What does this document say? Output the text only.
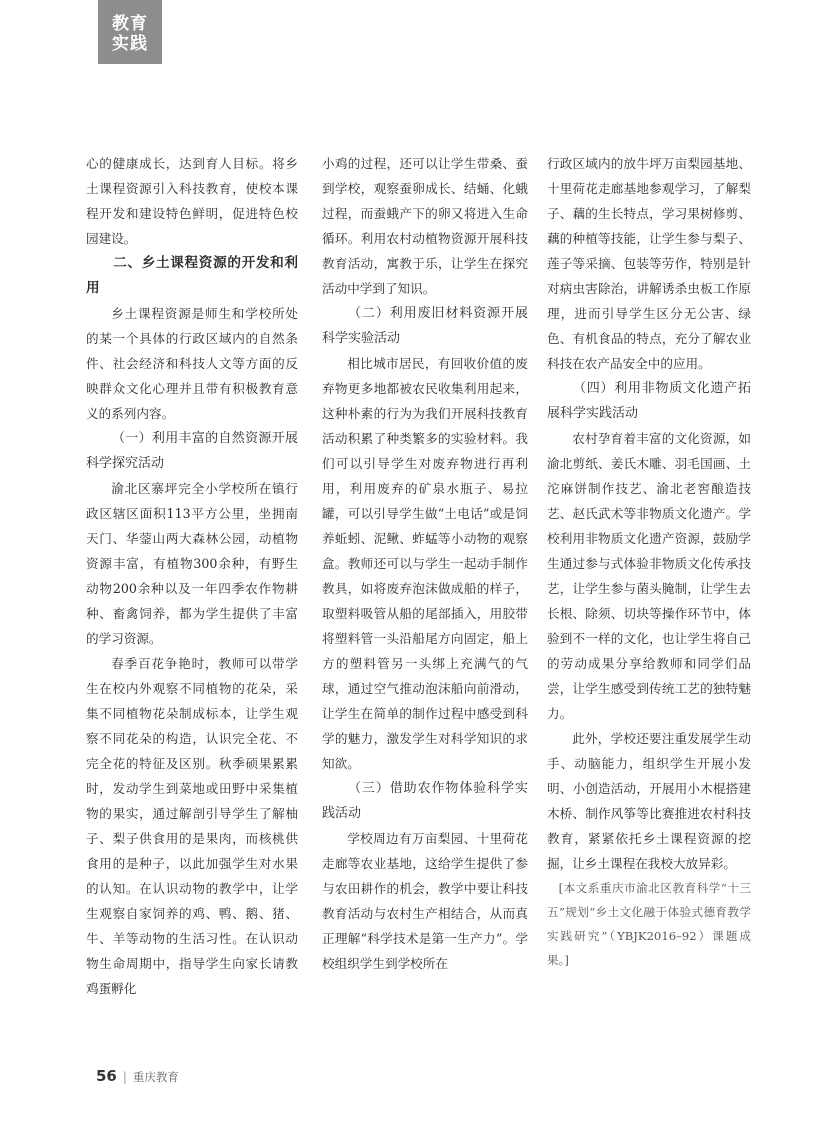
教育
实践

心的健康成长，达到育人目标。将乡土课程资源引入科技教育，使校本课程开发和建设特色鲜明，促进特色校园建设。

二、乡土课程资源的开发和利用

乡土课程资源是师生和学校所处的某一个具体的行政区域内的自然条件、社会经济和科技人文等方面的反映群众文化心理并且带有积极教育意义的系列内容。

（一）利用丰富的自然资源开展科学探究活动

渝北区寨坪完全小学校所在镇行政区辖区面积113平方公里，坐拥南天门、华蓥山两大森林公园，动植物资源丰富，有植物300余种，有野生动物200余种以及一年四季农作物耕种、畜禽饲养，都为学生提供了丰富的学习资源。

春季百花争艳时，教师可以带学生在校内外观察不同植物的花朵，采集不同植物花朵制成标本，让学生观察不同花朵的构造，认识完全花、不完全花的特征及区别。秋季硕果累累时，发动学生到菜地或田野中采集植物的果实，通过解剖引导学生了解柚子、梨子供食用的是果肉，而核桃供食用的是种子，以此加强学生对水果的认知。在认识动物的教学中，让学生观察自家饲养的鸡、鸭、鹅、猪、牛、羊等动物的生活习性。在认识动物生命周期中，指导学生向家长请教鸡蛋孵化

小鸡的过程，还可以让学生带桑、蚕到学校，观察蚕卵成长、结蛹、化蛾过程，而蚕蛾产下的卵又将进入生命循环。利用农村动植物资源开展科技教育活动，寓教于乐，让学生在探究活动中学到了知识。

（二）利用废旧材料资源开展科学实验活动

相比城市居民，有回收价值的废弃物更多地都被农民收集利用起来，这种朴素的行为为我们开展科技教育活动积累了种类繁多的实验材料。我们可以引导学生对废弃物进行再利用，利用废弃的矿泉水瓶子、易拉罐，可以引导学生做“土电话”或是饲养蚯蚓、泥鳅、蚱蜢等小动物的观察盒。教师还可以与学生一起动手制作教具，如将废弃泡沫做成船的样子，取塑料吸管从船的尾部插入，用胶带将塑料管一头沿船尾方向固定，船上方的塑料管另一头绑上充满气的气球，通过空气推动泡沫船向前滑动，让学生在简单的制作过程中感受到科学的魅力，激发学生对科学知识的求知欲。

（三）借助农作物体验科学实践活动

学校周边有万亩梨园、十里荷花走廊等农业基地，这给学生提供了参与农田耕作的机会，教学中要让科技教育活动与农村生产相结合，从而真正理解“科学技术是第一生产力”。学校组织学生到学校所在

行政区域内的放牛坪万亩梨园基地、十里荷花走廊基地参观学习，了解梨子、藕的生长特点，学习果树修剪、藕的种植等技能，让学生参与梨子、莲子等采摘、包装等劳作，特别是针对病虫害除治，讲解诱杀虫板工作原理，进而引导学生区分无公害、绿色、有机食品的特点，充分了解农业科技在农产品安全中的应用。

（四）利用非物质文化遗产拓展科学实践活动

农村孕育着丰富的文化资源，如渝北剪纸、姜氏木雕、羽毛国画、土沱麻饼制作技艺、渝北老窖酿造技艺、赵氏武术等非物质文化遗产。学校利用非物质文化遗产资源，鼓励学生通过参与式体验非物质文化传承技艺，让学生参与菌头腌制，让学生去长根、除须、切块等操作环节中，体验到不一样的文化，也让学生将自己的劳动成果分享给教师和同学们品尝，让学生感受到传统工艺的独特魅力。

此外，学校还要注重发展学生动手、动脑能力，组织学生开展小发明、小创造活动，开展用小木棍搭建木桥、制作风筝等比赛推进农村科技教育，紧紧依托乡土课程资源的挖掘，让乡土课程在我校大放异彩。

[本文系重庆市渝北区教育科学“十三五”规划“乡土文化融于体验式德育教学实践研究”（YBJK2016–92）课题成果。]

56 | 重庆教育
